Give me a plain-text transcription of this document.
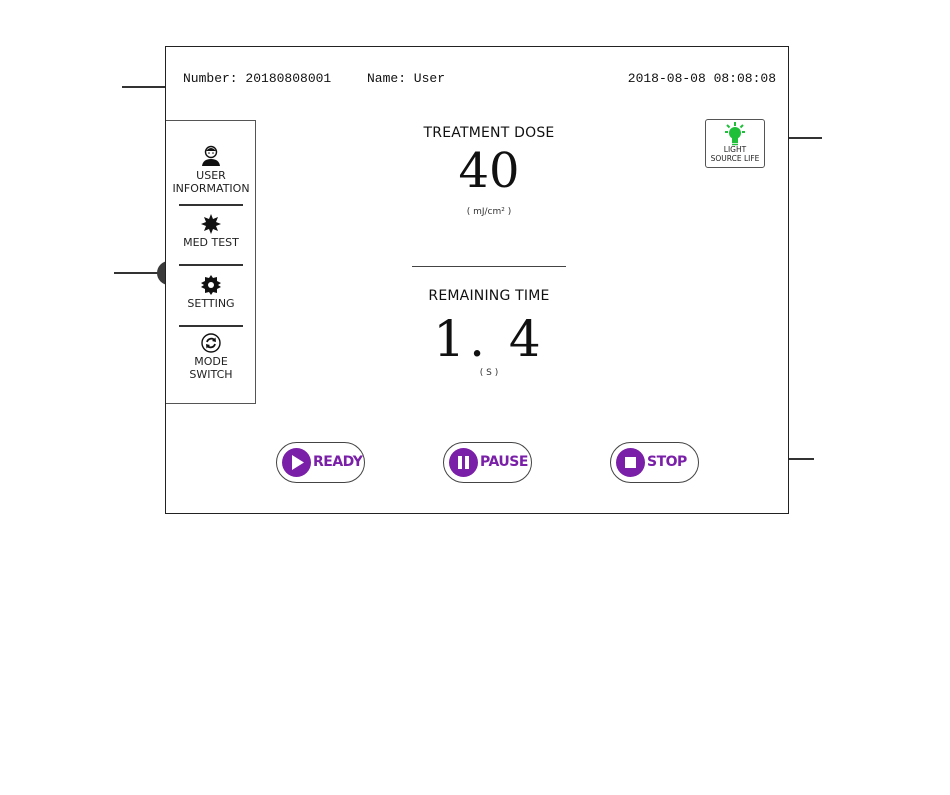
Number: 20180808001	Name: User	2018-08-08 08:08:08
USER
INFORMATION
MED TEST
SETTING
MODE
SWITCH
TREATMENT DOSE
40
( mJ/cm² )
REMAINING TIME
1. 4
( S )
LIGHT
SOURCE LIFE
READY	PAUSE	STOP
